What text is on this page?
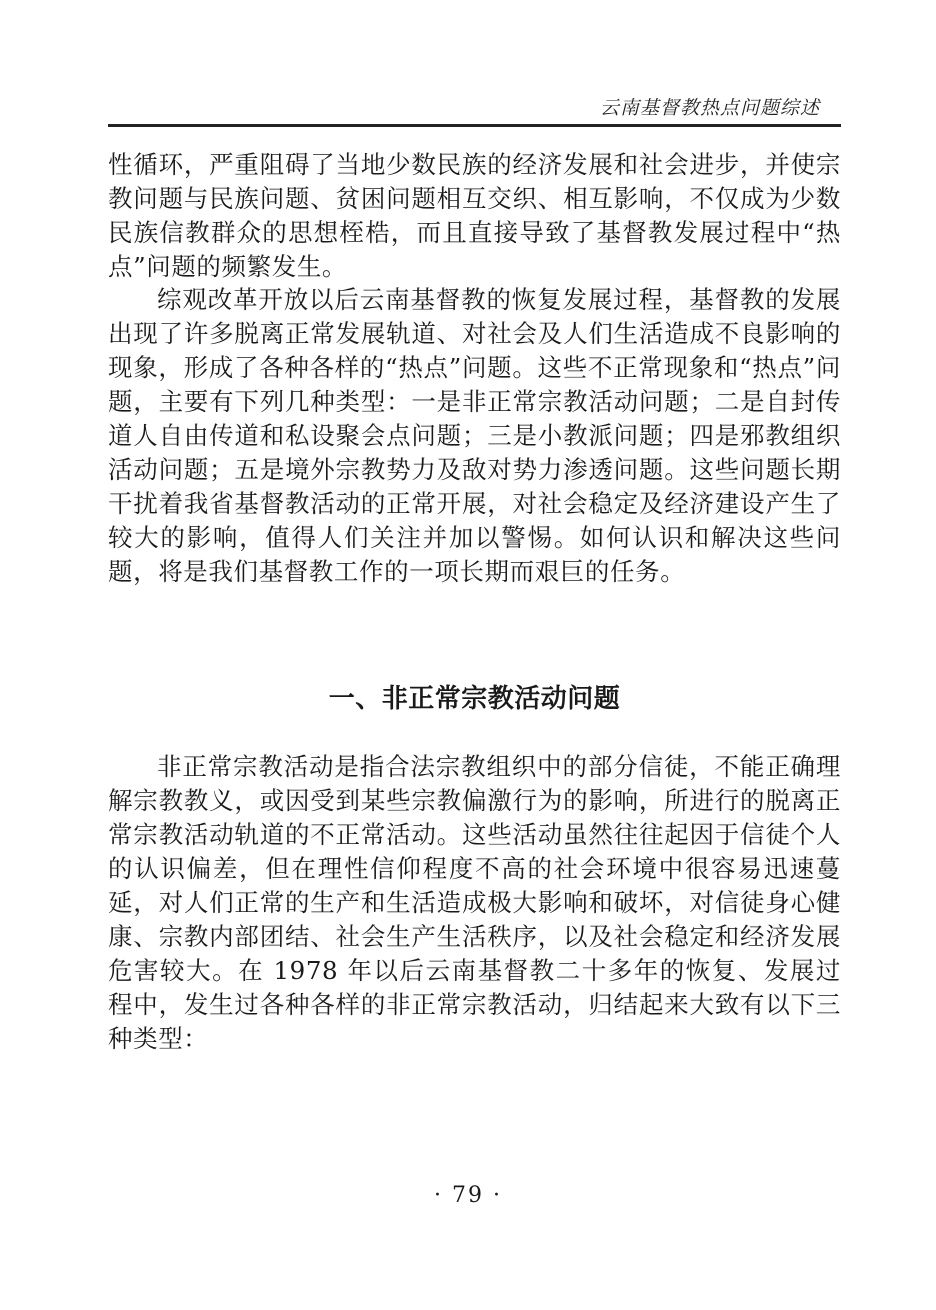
云南基督教热点问题综述

性循环，严重阻碍了当地少数民族的经济发展和社会进步，并使宗教问题与民族问题、贫困问题相互交织、相互影响，不仅成为少数民族信教群众的思想桎梏，而且直接导致了基督教发展过程中“热点”问题的频繁发生。

综观改革开放以后云南基督教的恢复发展过程，基督教的发展出现了许多脱离正常发展轨道、对社会及人们生活造成不良影响的现象，形成了各种各样的“热点”问题。这些不正常现象和“热点”问题，主要有下列几种类型：一是非正常宗教活动问题；二是自封传道人自由传道和私设聚会点问题；三是小教派问题；四是邪教组织活动问题；五是境外宗教势力及敌对势力渗透问题。这些问题长期干扰着我省基督教活动的正常开展，对社会稳定及经济建设产生了较大的影响，值得人们关注并加以警惕。如何认识和解决这些问题，将是我们基督教工作的一项长期而艰巨的任务。

一、非正常宗教活动问题

非正常宗教活动是指合法宗教组织中的部分信徒，不能正确理解宗教教义，或因受到某些宗教偏激行为的影响，所进行的脱离正常宗教活动轨道的不正常活动。这些活动虽然往往起因于信徒个人的认识偏差，但在理性信仰程度不高的社会环境中很容易迅速蔓延，对人们正常的生产和生活造成极大影响和破坏，对信徒身心健康、宗教内部团结、社会生产生活秩序，以及社会稳定和经济发展危害较大。在 1978 年以后云南基督教二十多年的恢复、发展过程中，发生过各种各样的非正常宗教活动，归结起来大致有以下三种类型：

· 79 ·
